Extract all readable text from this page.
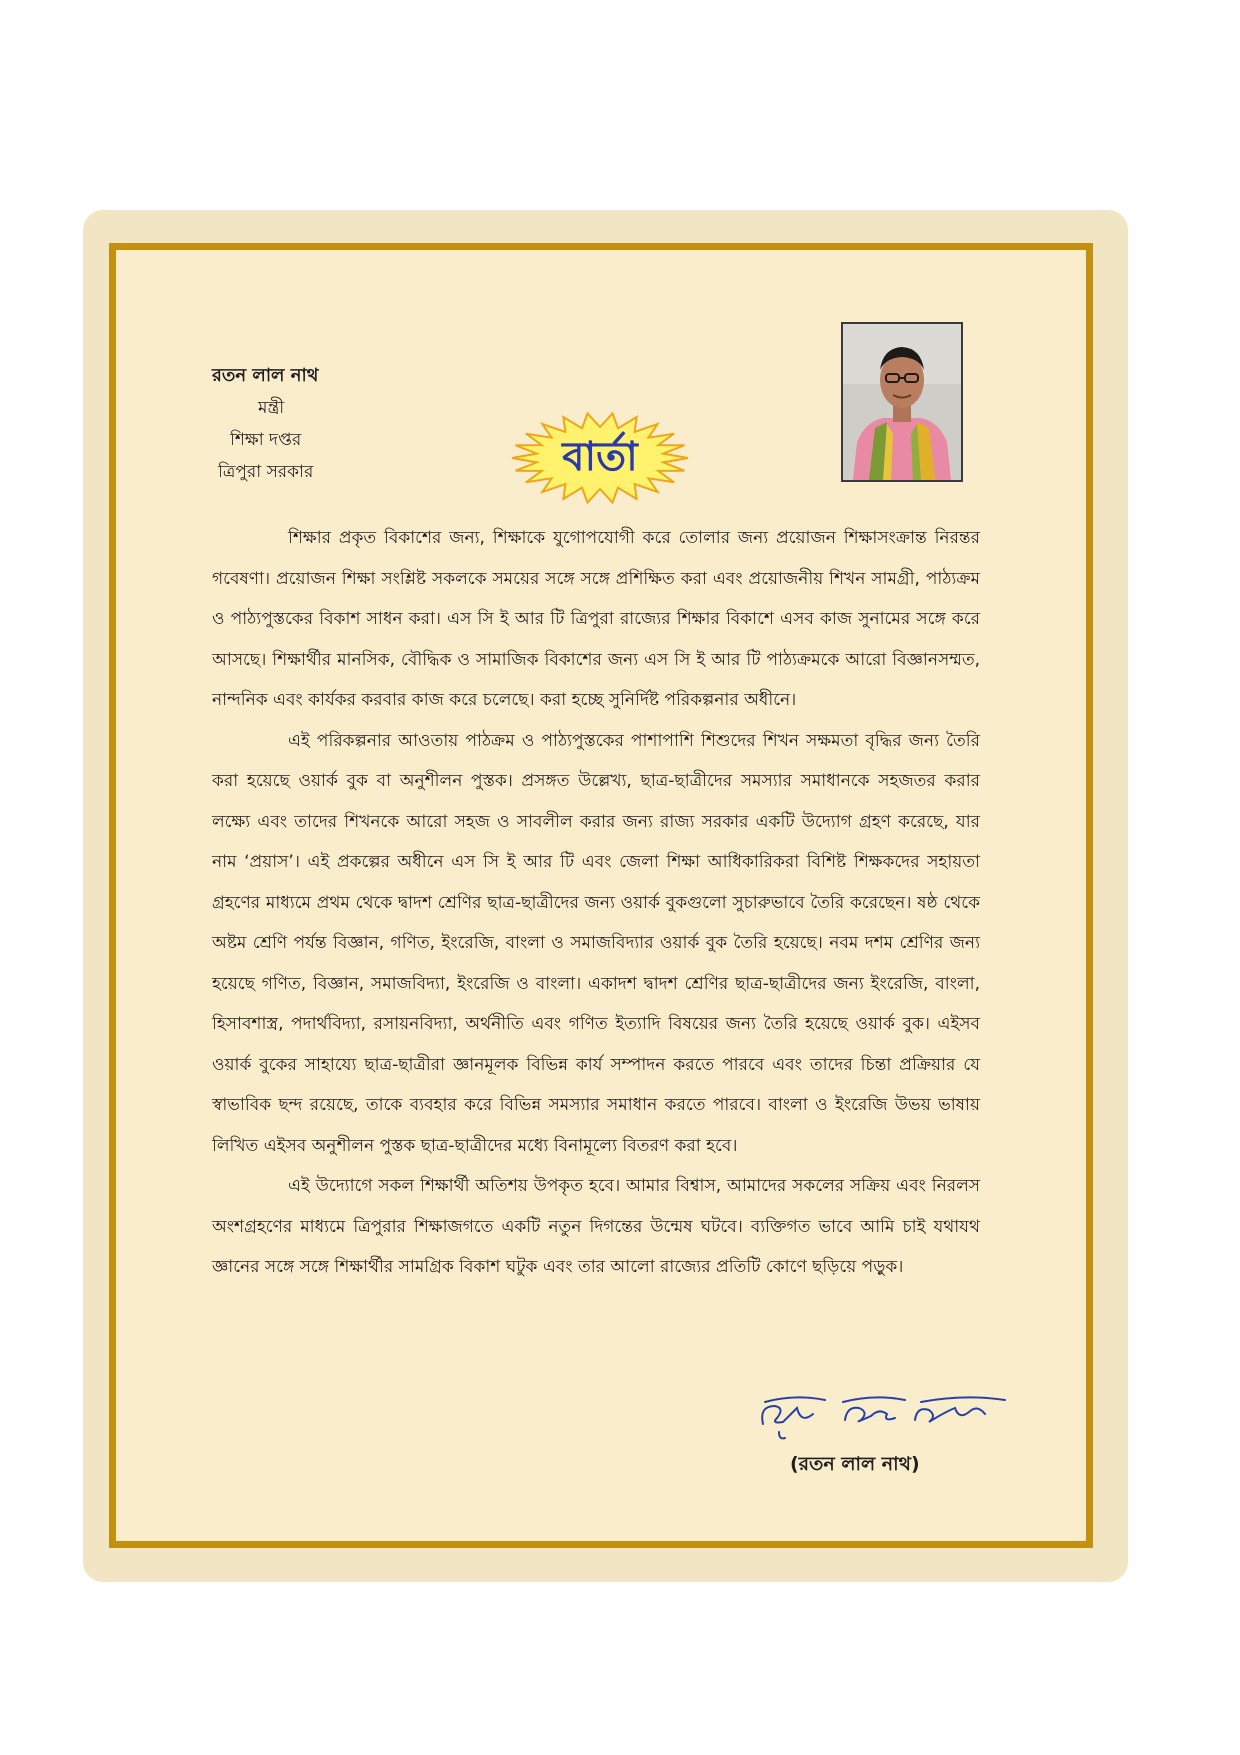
রতন লাল নাথ
মন্ত্রী
শিক্ষা দপ্তর
ত্রিপুরা সরকার	বার্তা

শিক্ষার প্রকৃত বিকাশের জন্য, শিক্ষাকে যুগোপযোগী করে তোলার জন্য প্রয়োজন শিক্ষাসংক্রান্ত নিরন্তর গবেষণা। প্রয়োজন শিক্ষা সংশ্লিষ্ট সকলকে সময়ের সঙ্গে সঙ্গে প্রশিক্ষিত করা এবং প্রয়োজনীয় শিখন সামগ্রী, পাঠ্যক্রম ও পাঠ্যপুস্তকের বিকাশ সাধন করা। এস সি ই আর টি ত্রিপুরা রাজ্যের শিক্ষার বিকাশে এসব কাজ সুনামের সঙ্গে করে আসছে। শিক্ষার্থীর মানসিক, বৌদ্ধিক ও সামাজিক বিকাশের জন্য এস সি ই আর টি পাঠ্যক্রমকে আরো বিজ্ঞানসম্মত, নান্দনিক এবং কার্যকর করবার কাজ করে চলেছে। করা হচ্ছে সুনির্দিষ্ট পরিকল্পনার অধীনে।

এই পরিকল্পনার আওতায় পাঠক্রম ও পাঠ্যপুস্তকের পাশাপাশি শিশুদের শিখন সক্ষমতা বৃদ্ধির জন্য তৈরি করা হয়েছে ওয়ার্ক বুক বা অনুশীলন পুস্তক। প্রসঙ্গত উল্লেখ্য, ছাত্র-ছাত্রীদের সমস্যার সমাধানকে সহজতর করার লক্ষ্যে এবং তাদের শিখনকে আরো সহজ ও সাবলীল করার জন্য রাজ্য সরকার একটি উদ্যোগ গ্রহণ করেছে, যার নাম ‘প্রয়াস’। এই প্রকল্পের অধীনে এস সি ই আর টি এবং জেলা শিক্ষা আধিকারিকরা বিশিষ্ট শিক্ষকদের সহায়তা গ্রহণের মাধ্যমে প্রথম থেকে দ্বাদশ শ্রেণির ছাত্র-ছাত্রীদের জন্য ওয়ার্ক বুকগুলো সুচারুভাবে তৈরি করেছেন। ষষ্ঠ থেকে অষ্টম শ্রেণি পর্যন্ত বিজ্ঞান, গণিত, ইংরেজি, বাংলা ও সমাজবিদ্যার ওয়ার্ক বুক তৈরি হয়েছে। নবম দশম শ্রেণির জন্য হয়েছে গণিত, বিজ্ঞান, সমাজবিদ্যা, ইংরেজি ও বাংলা। একাদশ দ্বাদশ শ্রেণির ছাত্র-ছাত্রীদের জন্য ইংরেজি, বাংলা, হিসাবশাস্ত্র, পদার্থবিদ্যা, রসায়নবিদ্যা, অর্থনীতি এবং গণিত ইত্যাদি বিষয়ের জন্য তৈরি হয়েছে ওয়ার্ক বুক। এইসব ওয়ার্ক বুকের সাহায্যে ছাত্র-ছাত্রীরা জ্ঞানমূলক বিভিন্ন কার্য সম্পাদন করতে পারবে এবং তাদের চিন্তা প্রক্রিয়ার যে স্বাভাবিক ছন্দ রয়েছে, তাকে ব্যবহার করে বিভিন্ন সমস্যার সমাধান করতে পারবে। বাংলা ও ইংরেজি উভয় ভাষায় লিখিত এইসব অনুশীলন পুস্তক ছাত্র-ছাত্রীদের মধ্যে বিনামূল্যে বিতরণ করা হবে।

এই উদ্যোগে সকল শিক্ষার্থী অতিশয় উপকৃত হবে। আমার বিশ্বাস, আমাদের সকলের সক্রিয় এবং নিরলস অংশগ্রহণের মাধ্যমে ত্রিপুরার শিক্ষাজগতে একটি নতুন দিগন্তের উন্মেষ ঘটবে। ব্যক্তিগত ভাবে আমি চাই যথাযথ জ্ঞানের সঙ্গে সঙ্গে শিক্ষার্থীর সামগ্রিক বিকাশ ঘটুক এবং তার আলো রাজ্যের প্রতিটি কোণে ছড়িয়ে পড়ুক।

(রতন লাল নাথ)
